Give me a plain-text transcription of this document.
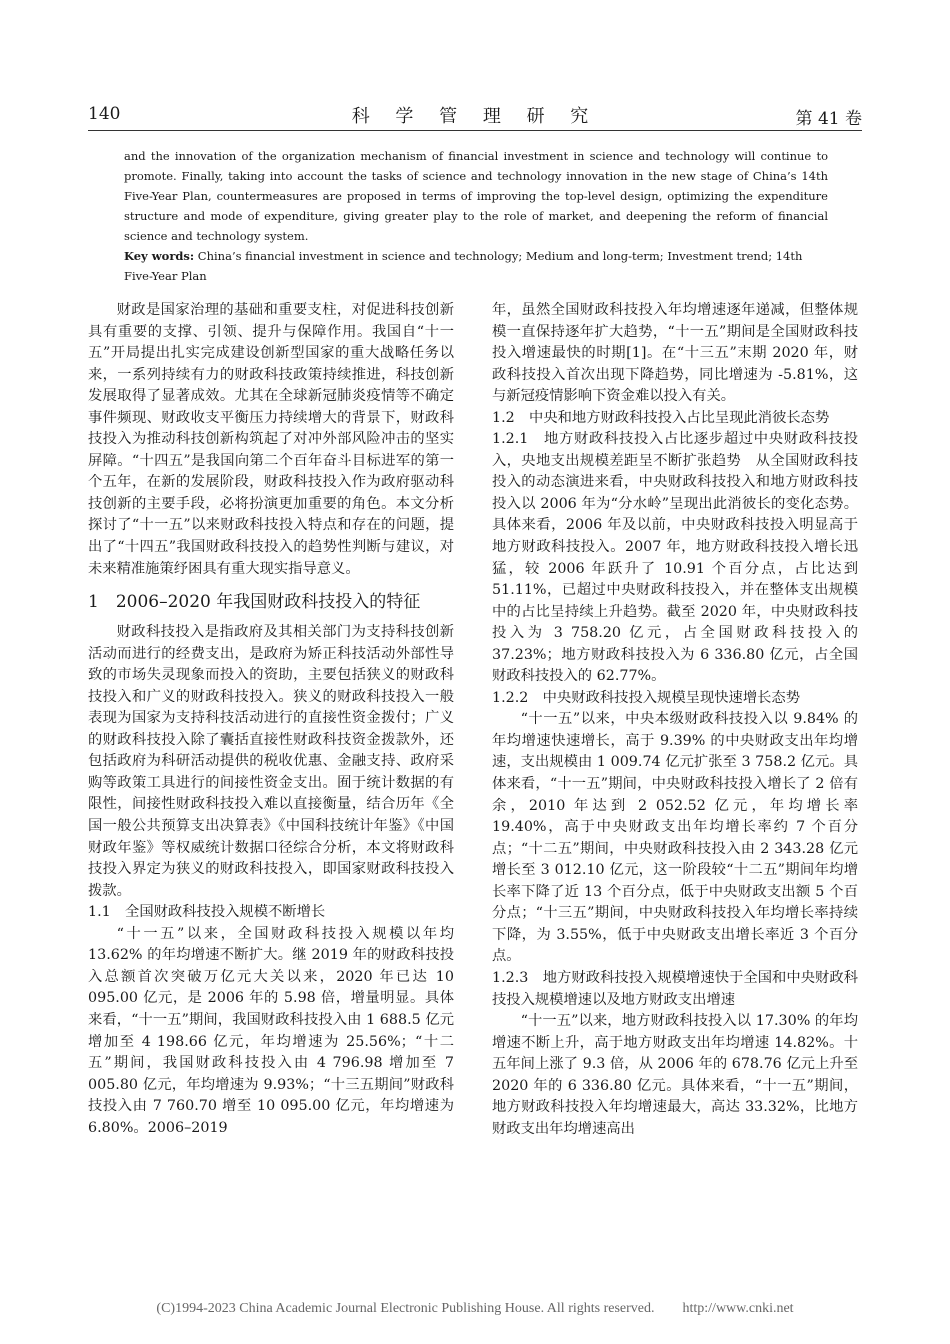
140	科 学 管 理 研 究	第 41 卷

and the innovation of the organization mechanism of financial investment in science and technology will continue to promote. Finally, taking into account the tasks of science and technology innovation in the new stage of China’s 14th Five-Year Plan, countermeasures are proposed in terms of improving the top-level design, optimizing the expenditure structure and mode of expenditure, giving greater play to the role of market, and deepening the reform of financial science and technology system.

Key words: China’s financial investment in science and technology; Medium and long-term; Investment trend; 14th Five-Year Plan

财政是国家治理的基础和重要支柱，对促进科技创新具有重要的支撑、引领、提升与保障作用。我国自“十一五”开局提出扎实完成建设创新型国家的重大战略任务以来，一系列持续有力的财政科技政策持续推进，科技创新发展取得了显著成效。尤其在全球新冠肺炎疫情等不确定事件频现、财政收支平衡压力持续增大的背景下，财政科技投入为推动科技创新构筑起了对冲外部风险冲击的坚实屏障。“十四五”是我国向第二个百年奋斗目标进军的第一个五年，在新的发展阶段，财政科技投入作为政府驱动科技创新的主要手段，必将扮演更加重要的角色。本文分析探讨了“十一五”以来财政科技投入特点和存在的问题，提出了“十四五”我国财政科技投入的趋势性判断与建议，对未来精准施策纾困具有重大现实指导意义。

1　2006–2020 年我国财政科技投入的特征

财政科技投入是指政府及其相关部门为支持科技创新活动而进行的经费支出，是政府为矫正科技活动外部性导致的市场失灵现象而投入的资助，主要包括狭义的财政科技投入和广义的财政科技投入。狭义的财政科技投入一般表现为国家为支持科技活动进行的直接性资金拨付；广义的财政科技投入除了囊括直接性财政科技资金拨款外，还包括政府为科研活动提供的税收优惠、金融支持、政府采购等政策工具进行的间接性资金支出。囿于统计数据的有限性，间接性财政科技投入难以直接衡量，结合历年《全国一般公共预算支出决算表》《中国科技统计年鉴》《中国财政年鉴》等权威统计数据口径综合分析，本文将财政科技投入界定为狭义的财政科技投入，即国家财政科技投入拨款。

1.1　全国财政科技投入规模不断增长

“十一五”以来，全国财政科技投入规模以年均 13.62% 的年均增速不断扩大。继 2019 年的财政科技投入总额首次突破万亿元大关以来，2020 年已达 10 095.00 亿元，是 2006 年的 5.98 倍，增量明显。具体来看，“十一五”期间，我国财政科技投入由 1 688.5 亿元增加至 4 198.66 亿元，年均增速为 25.56%；“十二五”期间，我国财政科技投入由 4 796.98 增加至 7 005.80 亿元，年均增速为 9.93%；“十三五期间”财政科技投入由 7 760.70 增至 10 095.00 亿元，年均增速为 6.80%。2006–2019

年，虽然全国财政科技投入年均增速逐年递减，但整体规模一直保持逐年扩大趋势，“十一五”期间是全国财政科技投入增速最快的时期[1]。在“十三五”末期 2020 年，财政科技投入首次出现下降趋势，同比增速为 -5.81%，这与新冠疫情影响下资金难以投入有关。

1.2　中央和地方财政科技投入占比呈现此消彼长态势

1.2.1　地方财政科技投入占比逐步超过中央财政科技投入，央地支出规模差距呈不断扩张趋势　从全国财政科技投入的动态演进来看，中央财政科技投入和地方财政科技投入以 2006 年为“分水岭”呈现出此消彼长的变化态势。具体来看，2006 年及以前，中央财政科技投入明显高于地方财政科技投入。2007 年，地方财政科技投入增长迅猛，较 2006 年跃升了 10.91 个百分点，占比达到 51.11%，已超过中央财政科技投入，并在整体支出规模中的占比呈持续上升趋势。截至 2020 年，中央财政科技投入为 3 758.20 亿元，占全国财政科技投入的 37.23%；地方财政科技投入为 6 336.80 亿元，占全国财政科技投入的 62.77%。

1.2.2　中央财政科技投入规模呈现快速增长态势

“十一五”以来，中央本级财政科技投入以 9.84% 的年均增速快速增长，高于 9.39% 的中央财政支出年均增速，支出规模由 1 009.74 亿元扩张至 3 758.2 亿元。具体来看，“十一五”期间，中央财政科技投入增长了 2 倍有余，2010 年达到 2 052.52 亿元，年均增长率 19.40%，高于中央财政支出年均增长率约 7 个百分点；“十二五”期间，中央财政科技投入由 2 343.28 亿元增长至 3 012.10 亿元，这一阶段较“十二五”期间年均增长率下降了近 13 个百分点，低于中央财政支出额 5 个百分点；“十三五”期间，中央财政科技投入年均增长率持续下降，为 3.55%，低于中央财政支出增长率近 3 个百分点。

1.2.3　地方财政科技投入规模增速快于全国和中央财政科技投入规模增速以及地方财政支出增速

“十一五”以来，地方财政科技投入以 17.30% 的年均增速不断上升，高于地方财政支出年均增速 14.82%。十五年间上涨了 9.3 倍，从 2006 年的 678.76 亿元上升至 2020 年的 6 336.80 亿元。具体来看，“十一五”期间，地方财政科技投入年均增速最大，高达 33.32%，比地方财政支出年均增速高出

(C)1994-2023 China Academic Journal Electronic Publishing House. All rights reserved.　　http://www.cnki.net
